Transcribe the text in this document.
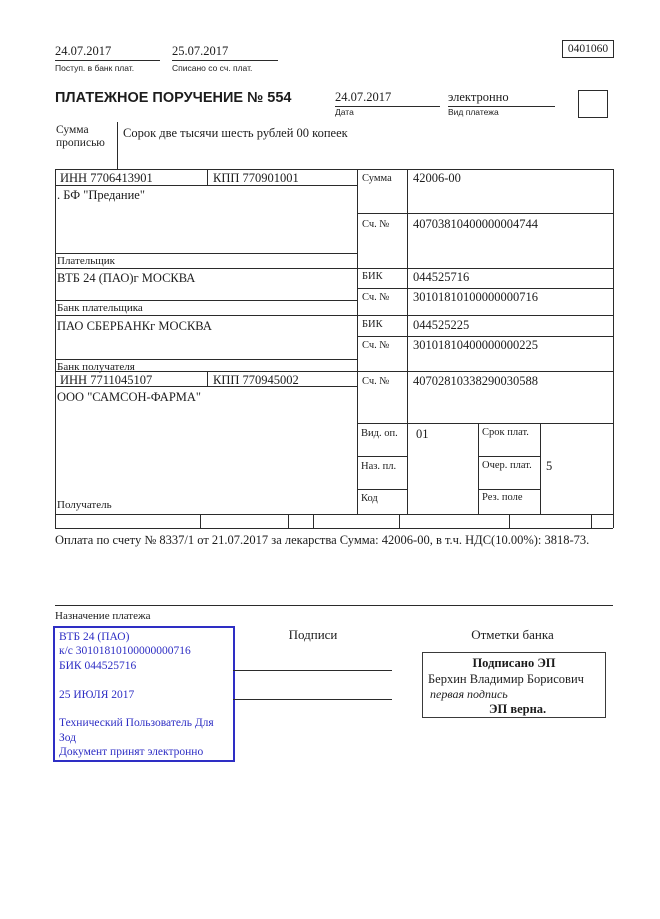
24.07.2017
Поступ. в банк плат.
25.07.2017
Списано со сч. плат.
0401060
ПЛАТЕЖНОЕ ПОРУЧЕНИЕ № 554	24.07.2017
Дата
электронно
Вид платежа
Сумма прописью
Сорок две тысячи шесть рублей 00 копеек
ИНН 7706413901	КПП 770901001	Сумма 42006-00
. БФ "Предание"
Сч. № 40703810400000004744
Плательщик
ВТБ 24 (ПАО)г МОСКВА	БИК 044525716
Сч. № 30101810100000000716
Банк плательщика
ПАО СБЕРБАНКг МОСКВА	БИК 044525225
Сч. № 30101810400000000225
Банк получателя
ИНН 7711045107	КПП 770945002	Сч. № 40702810338290030588
ООО "САМСОН-ФАРМА"
Получатель
Вид. оп. 01	Срок плат.
Наз. пл.	Очер. плат. 5
Код	Рез. поле
Оплата по счету № 8337/1 от 21.07.2017 за лекарства Сумма: 42006-00, в т.ч. НДС(10.00%): 3818-73.
Назначение платежа
ВТБ 24 (ПАО)
к/с 30101810100000000716
БИК 044525716
25 ИЮЛЯ 2017
Технический Пользователь Для
Зод
Документ принят электронно
Подписи	Отметки банка
Подписано ЭП
Берхин Владимир Борисович
первая подпись
ЭП верна.
